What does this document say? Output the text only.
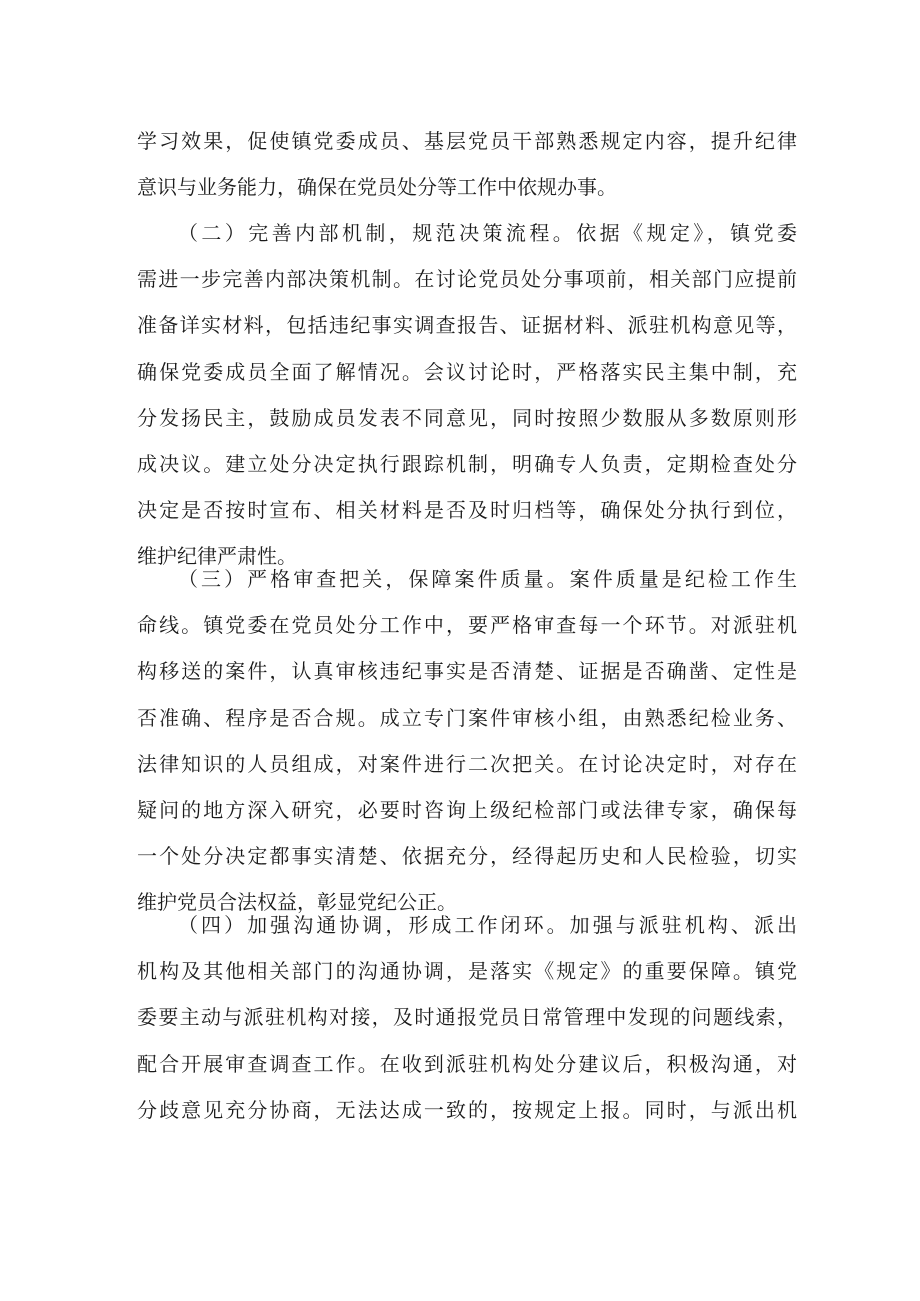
学习效果，促使镇党委成员、基层党员干部熟悉规定内容，提升纪律
意识与业务能力，确保在党员处分等工作中依规办事。
（二）完善内部机制，规范决策流程。依据《规定》，镇党委
需进一步完善内部决策机制。在讨论党员处分事项前，相关部门应提前
准备详实材料，包括违纪事实调查报告、证据材料、派驻机构意见等，
确保党委成员全面了解情况。会议讨论时，严格落实民主集中制，充
分发扬民主，鼓励成员发表不同意见，同时按照少数服从多数原则形
成决议。建立处分决定执行跟踪机制，明确专人负责，定期检查处分
决定是否按时宣布、相关材料是否及时归档等，确保处分执行到位，
维护纪律严肃性。
（三）严格审查把关，保障案件质量。案件质量是纪检工作生
命线。镇党委在党员处分工作中，要严格审查每一个环节。对派驻机
构移送的案件，认真审核违纪事实是否清楚、证据是否确凿、定性是
否准确、程序是否合规。成立专门案件审核小组，由熟悉纪检业务、
法律知识的人员组成，对案件进行二次把关。在讨论决定时，对存在
疑问的地方深入研究，必要时咨询上级纪检部门或法律专家，确保每
一个处分决定都事实清楚、依据充分，经得起历史和人民检验，切实
维护党员合法权益，彰显党纪公正。
（四）加强沟通协调，形成工作闭环。加强与派驻机构、派出
机构及其他相关部门的沟通协调，是落实《规定》的重要保障。镇党
委要主动与派驻机构对接，及时通报党员日常管理中发现的问题线索，
配合开展审查调查工作。在收到派驻机构处分建议后，积极沟通，对
分歧意见充分协商，无法达成一致的，按规定上报。同时，与派出机
